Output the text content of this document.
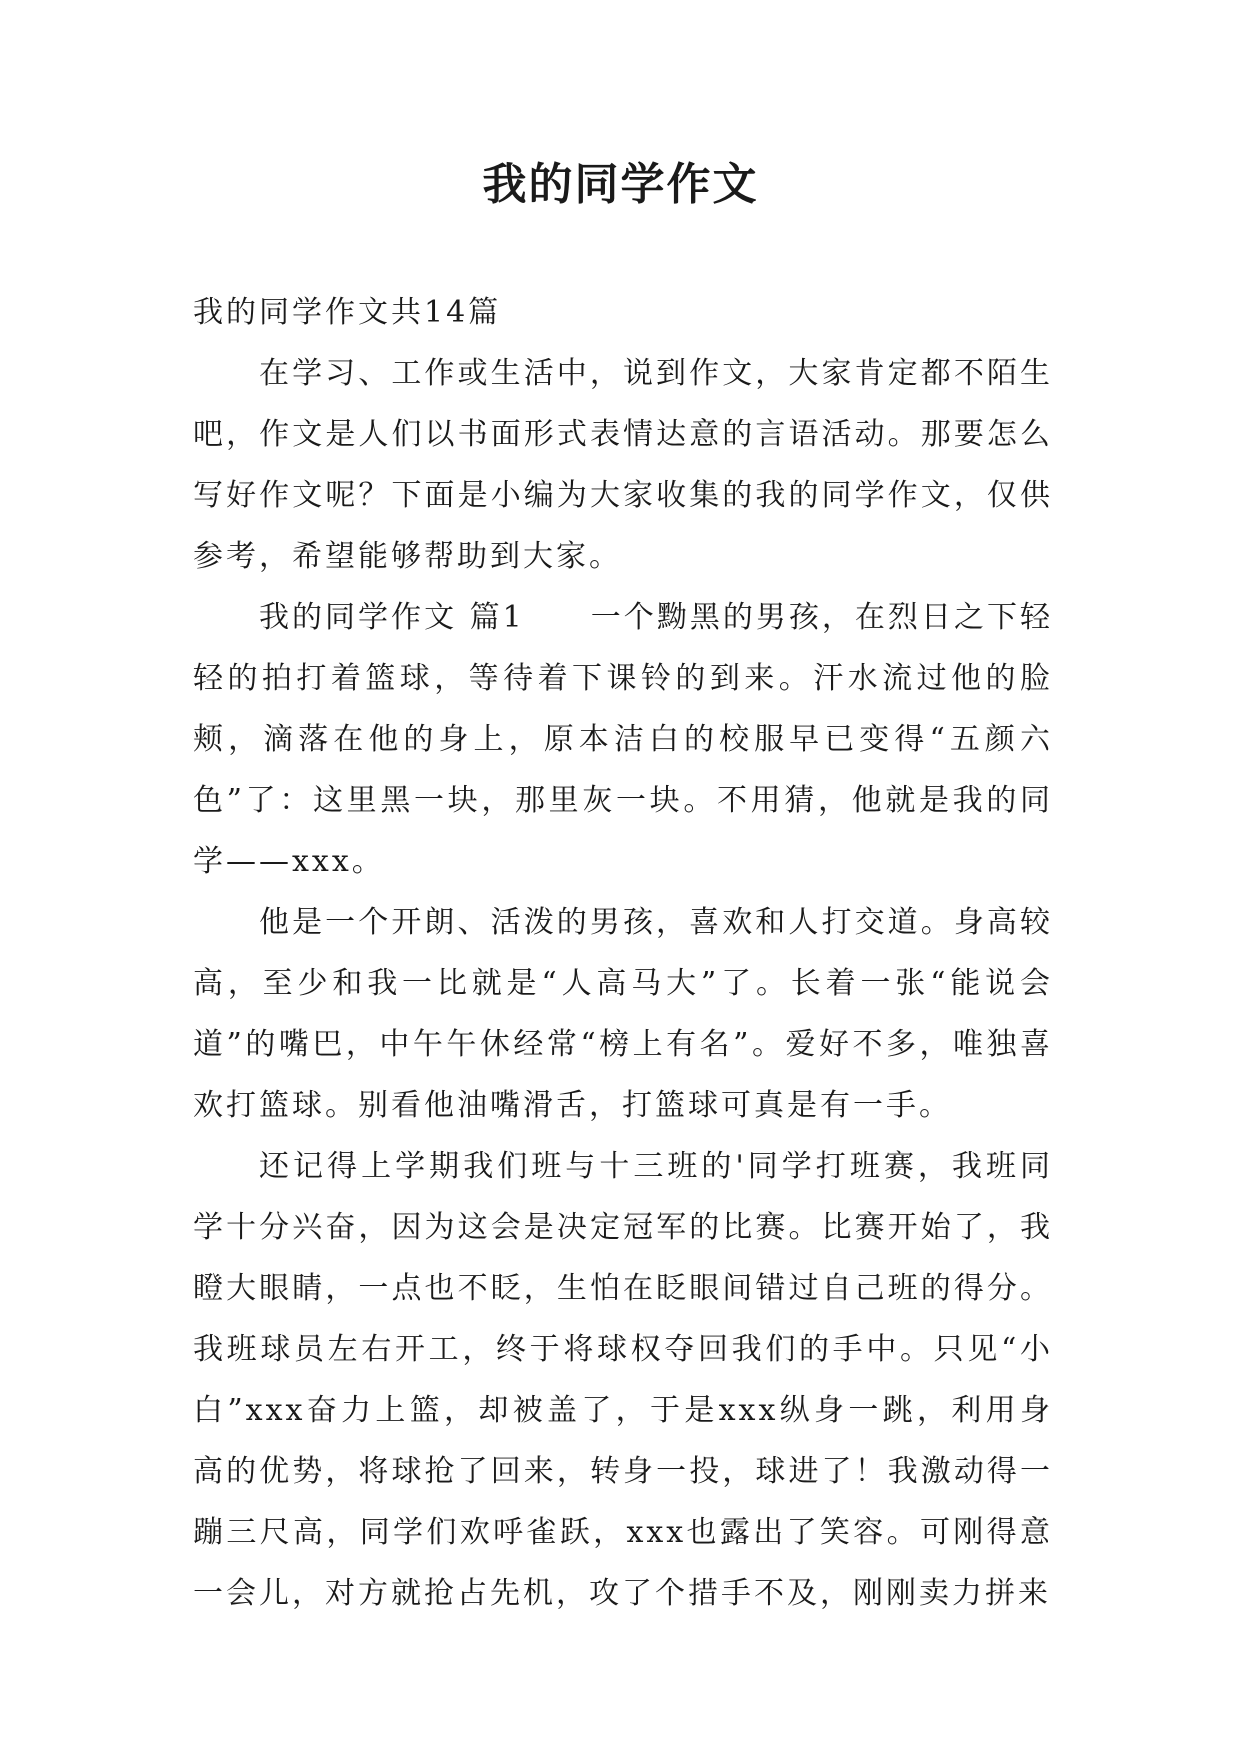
我的同学作文

我的同学作文共14篇

在学习、工作或生活中，说到作文，大家肯定都不陌生吧，作文是人们以书面形式表情达意的言语活动。那要怎么写好作文呢？下面是小编为大家收集的我的同学作文，仅供参考，希望能够帮助到大家。

我的同学作文 篇1　　一个黝黑的男孩，在烈日之下轻轻的拍打着篮球，等待着下课铃的到来。汗水流过他的脸颊，滴落在他的身上，原本洁白的校服早已变得“五颜六色”了：这里黑一块，那里灰一块。不用猜，他就是我的同学——xxx。

他是一个开朗、活泼的男孩，喜欢和人打交道。身高较高，至少和我一比就是“人高马大”了。长着一张“能说会道”的嘴巴，中午午休经常“榜上有名”。爱好不多，唯独喜欢打篮球。别看他油嘴滑舌，打篮球可真是有一手。

还记得上学期我们班与十三班的'同学打班赛，我班同学十分兴奋，因为这会是决定冠军的比赛。比赛开始了，我瞪大眼睛，一点也不眨，生怕在眨眼间错过自己班的得分。我班球员左右开工，终于将球权夺回我们的手中。只见“小白”xxx奋力上篮，却被盖了，于是xxx纵身一跳，利用身高的优势，将球抢了回来，转身一投，球进了！我激动得一蹦三尺高，同学们欢呼雀跃，xxx也露出了笑容。可刚得意一会儿，对方就抢占先机，攻了个措手不及，刚刚卖力拼来
